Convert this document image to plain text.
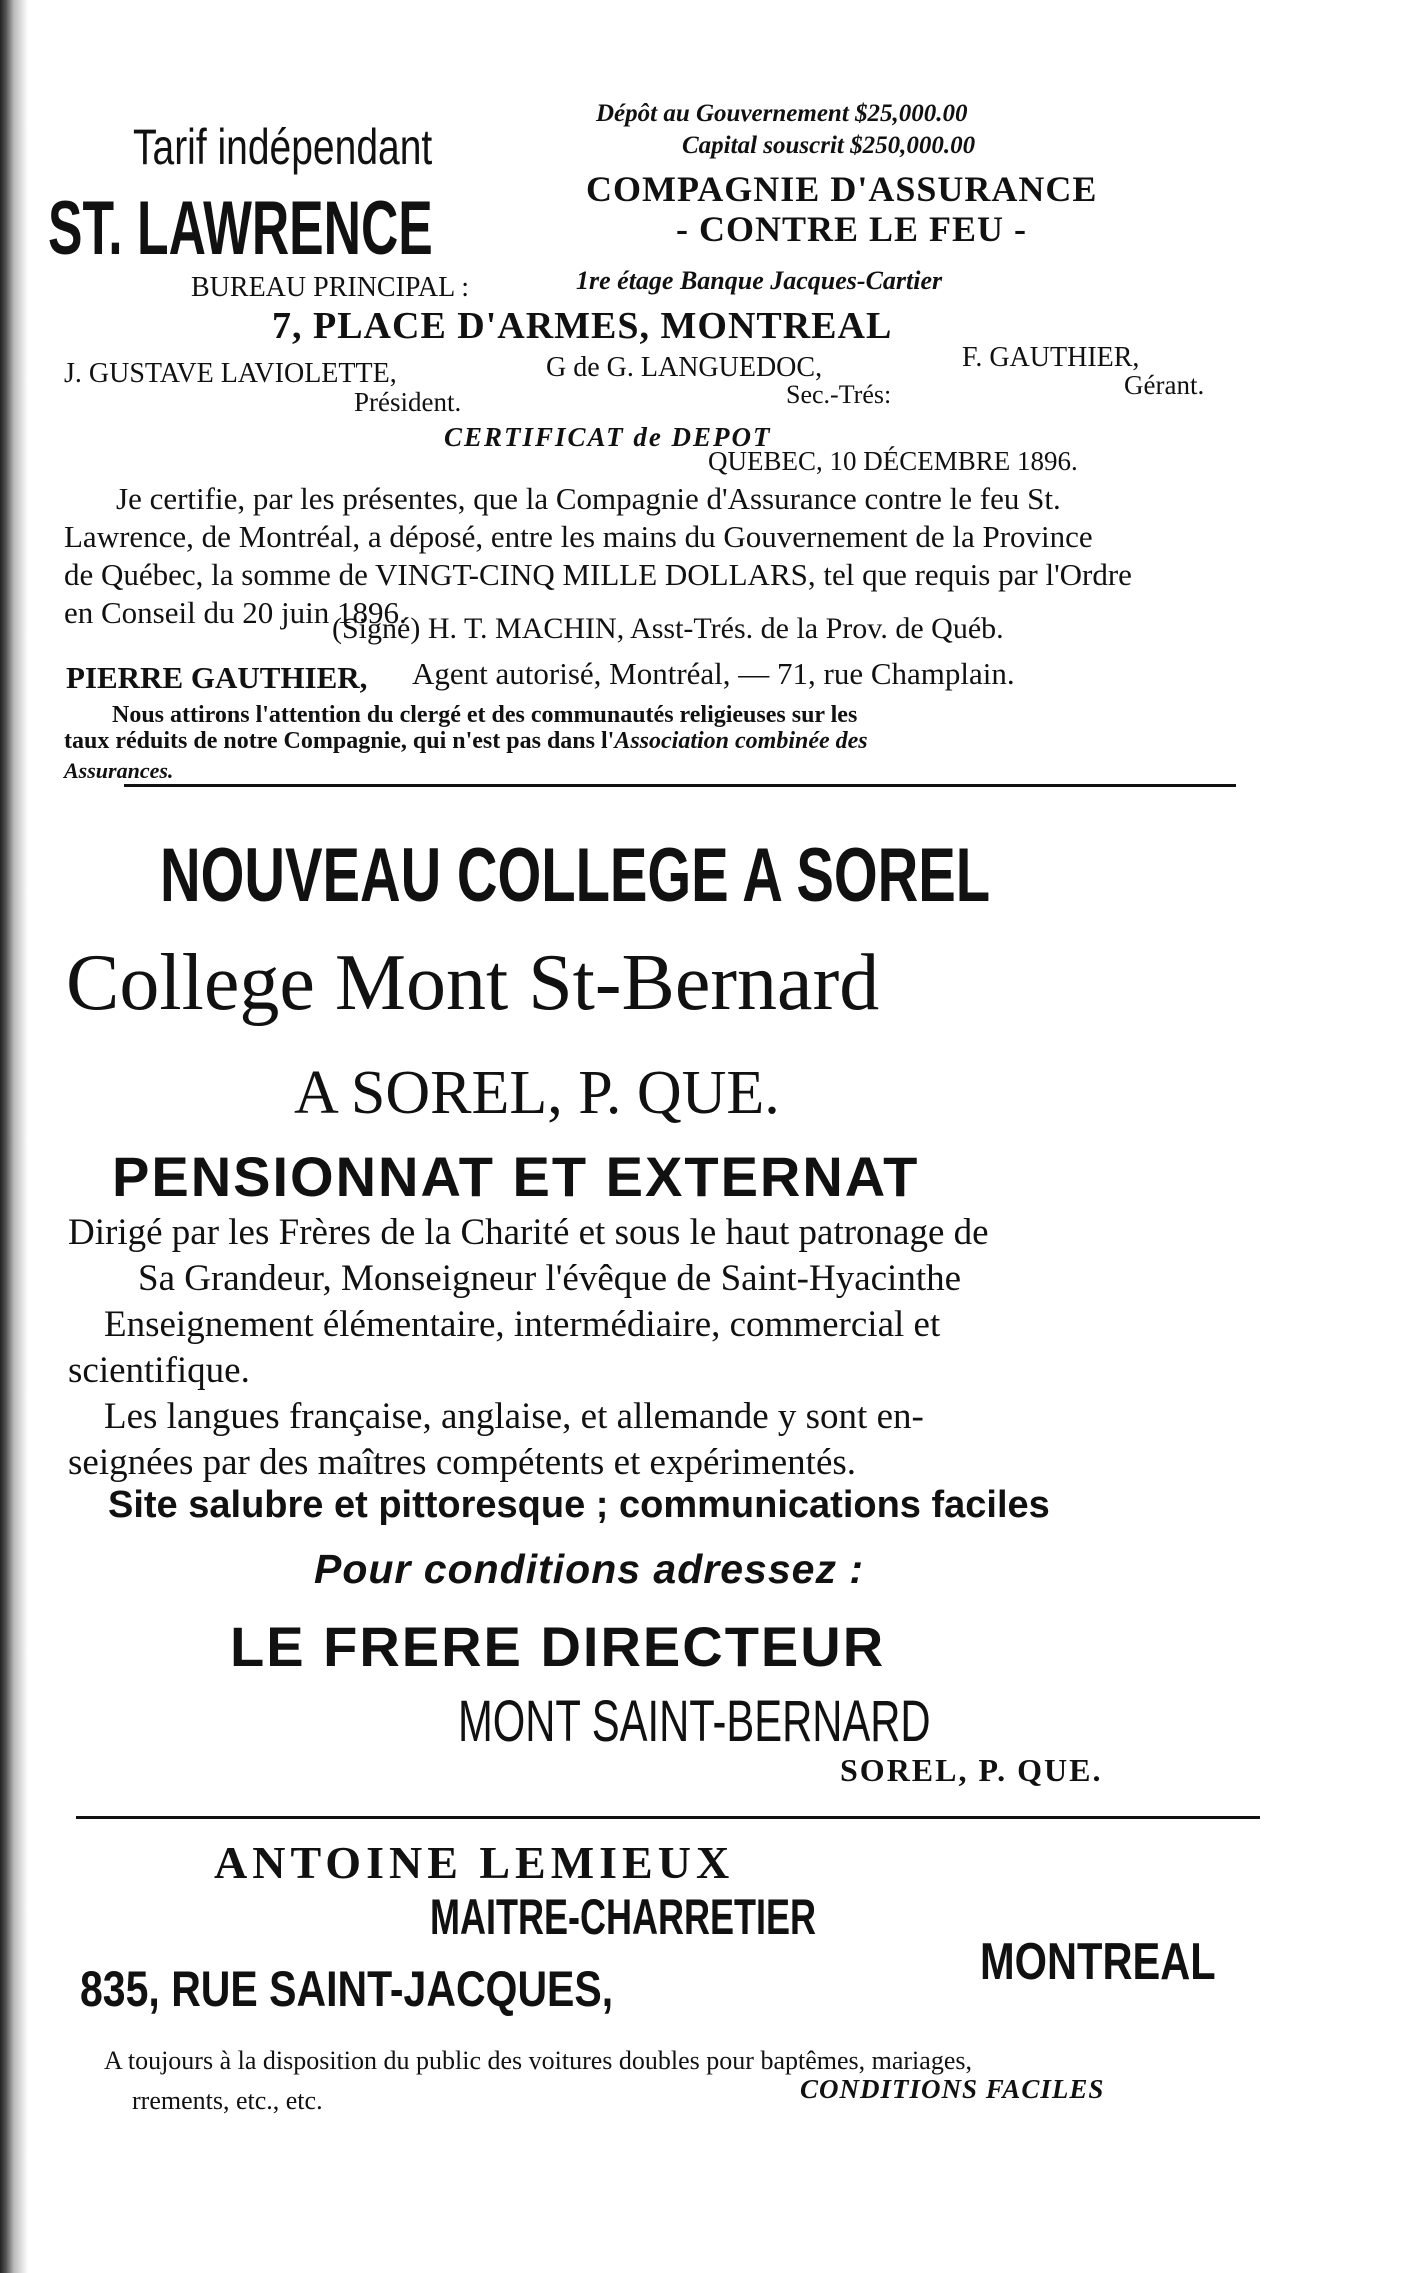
Tarif indépendant
Dépôt au Gouvernement $25,000.00
Capital souscrit $250,000.00
ST. LAWRENCE	COMPAGNIE D'ASSURANCE
- CONTRE LE FEU -
BUREAU PRINCIPAL :	1re étage Banque Jacques-Cartier
7, PLACE D'ARMES, MONTREAL
J. GUSTAVE LAVIOLETTE,
Président.
G de G. LANGUEDOC,
Sec.-Trés:
F. GAUTHIER,
Gérant.
CERTIFICAT de DEPOT
QUEBEC, 10 DÉCEMBRE 1896.
Je certifie, par les présentes, que la Compagnie d'Assurance contre le feu St.
Lawrence, de Montréal, a déposé, entre les mains du Gouvernement de la Province
de Québec, la somme de VINGT-CINQ MILLE DOLLARS, tel que requis par l'Ordre
en Conseil du 20 juin 1896.
(Signé) H. T. MACHIN, Asst-Trés. de la Prov. de Québ.
PIERRE GAUTHIER, Agent autorisé, Montréal, — 71, rue Champlain.
Nous attirons l'attention du clergé et des communautés religieuses sur les
taux réduits de notre Compagnie, qui n'est pas dans l'Association combinée des
Assurances.
NOUVEAU COLLEGE A SOREL
College Mont St-Bernard
A SOREL, P. QUE.
PENSIONNAT ET EXTERNAT
Dirigé par les Frères de la Charité et sous le haut patronage de
Sa Grandeur, Monseigneur l'évêque de Saint-Hyacinthe
Enseignement élémentaire, intermédiaire, commercial et
scientifique.
Les langues française, anglaise, et allemande y sont en-
seignées par des maîtres compétents et expérimentés.
Site salubre et pittoresque ; communications faciles
Pour conditions adressez :
LE FRERE DIRECTEUR
MONT SAINT-BERNARD
SOREL, P. QUE.
ANTOINE LEMIEUX
MAITRE-CHARRETIER
835, RUE SAINT-JACQUES,	MONTREAL
A toujours à la disposition du public des voitures doubles pour baptêmes, mariages,
rrements, etc., etc.	CONDITIONS FACILES
